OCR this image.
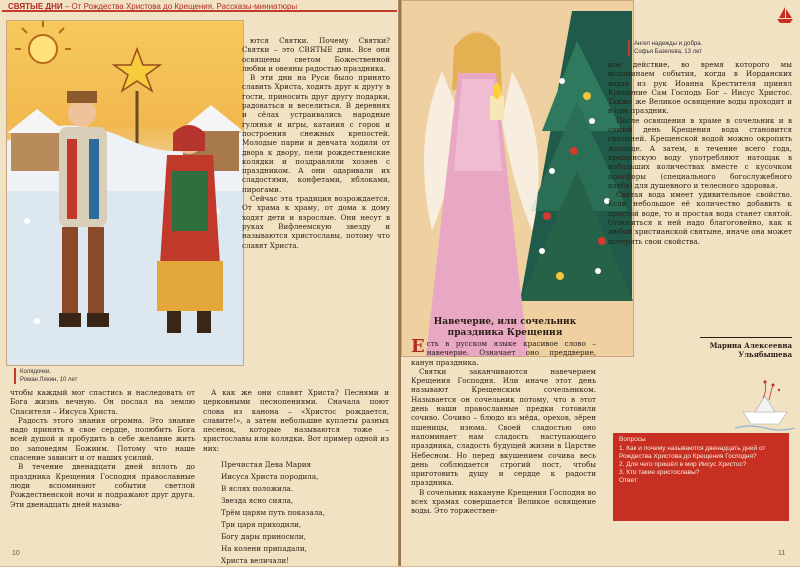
СВЯТЫЕ ДНИ – От Рождества Христова до Крещения. Рассказы-миниатюры
Колядочки.
Роман Ляхин, 10 лет

ются Святки. Почему Святки? Святки – это СВЯТЫЕ дни. Все они освящены светом Божественной любви и овеяны радостью праздника.

В эти дни на Руси было принято славить Христа, ходить друг к другу в гости, приносить друг другу подарки, радоваться и веселиться. В деревнях и сёлах устраивались народные гулянья и игры, катания с горок и построения снежных крепостей. Молодые парни и девчата ходили от двора к двору, пели рождественские колядки и поздравляли хозяев с праздником. А они одаривали их сладостями, конфетами, яблоками, пирогами.

Сейчас эта традиция возрождается. От храма к храму, от дома к дому ходят дети и взрослые. Они несут в руках Вифлеемскую звезду и называются христославы, потому что славят Христа.

чтобы каждый мог спастись и наследовать от Бога жизнь вечную. Он послал на землю Спасителя – Иисуса Христа.

Радость этого знания огромна. Это знание надо принять в свое сердце, полюбить Бога всей душой и пробудить в себе желание жить по заповедям Божиим. Потому что наше спасение зависит и от наших усилий.

В течение двенадцати дней вплоть до праздника Крещения Господня православные люди вспоминают события светлой Рождественской ночи и подражают друг друга. Эти двенадцать дней называ-

10

А как же они славят Христа? Песнями и церковными песнопениями. Сначала поют слова из канона – «Христос рождается, славите!», а затем небольшие куплеты разных песенок, которые называются тоже – христославы или колядки. Вот пример одной из них:

Пречистая Дева Мария
Иисуса Христа породила,
В яслях положила.
Звезда ясно сияла,
Трём царям путь показала,
Три царя приходили,
Богу дары приносили,
На колени припадали,
Христа величали!
Ангел надежды и добра.
Софья Базелева, 13 лет

ное действие, во время которого мы вспоминаем события, когда в Иорданских водах из рук Иоанна Крестителя принял Крещение Сам Господь Бог – Иисус Христос. Также же Великое освящение воды проходит и в сам праздник.

После освящения в храме в сочельник и в самый день Крещения вода становится святыней. Крещенской водой можно окропить жилище. А затем, в течение всего года, крещенскую воду употребляют натощак в небольших количествах вместе с кусочком просфоры (специального богослужебного хлеба) для душевного и телесного здоровья.

Святая вода имеет удивительное свойство. Если небольшое её количество добавить к простой воде, то и простая вода станет святой. Относиться к ней надо благоговейно, как к любой христианской святыне, иначе она может потерять свои свойства.

Марина Алексеевна
Ульябышева
Навечерие, или сочельник праздника Крещения

Есть в русском языке красивое слово – навечерие. Означает оно преддверие, канун праздника.

Святки заканчиваются навечерием Крещения Господня. Или иначе этот день называют Крещенским сочельником. Называется он сочельник потому, что в этот день наши православные предки готовили сочиво. Сочиво – блюдо из мёда, орехов, зёрен пшеницы, изюма. Своей сладостью оно напоминает нам сладость наступающего праздника, сладость будущей жизни в Царстве Небесном. Но перед вкушением сочива весь день соблюдается строгий пост, чтобы приготовить душу и сердце к радости праздника.

В сочельник накануне Крещения Господня во всех храмах совершается Великое освящение воды. Это торжествен-

Вопросы
1. Как и почему называются двенадцать дней от Рождества Христова до Крещения Господня?
2. Для чего пришёл в мир Иисус Христос?
3. Кто такие христославы?
Ответ:
11
